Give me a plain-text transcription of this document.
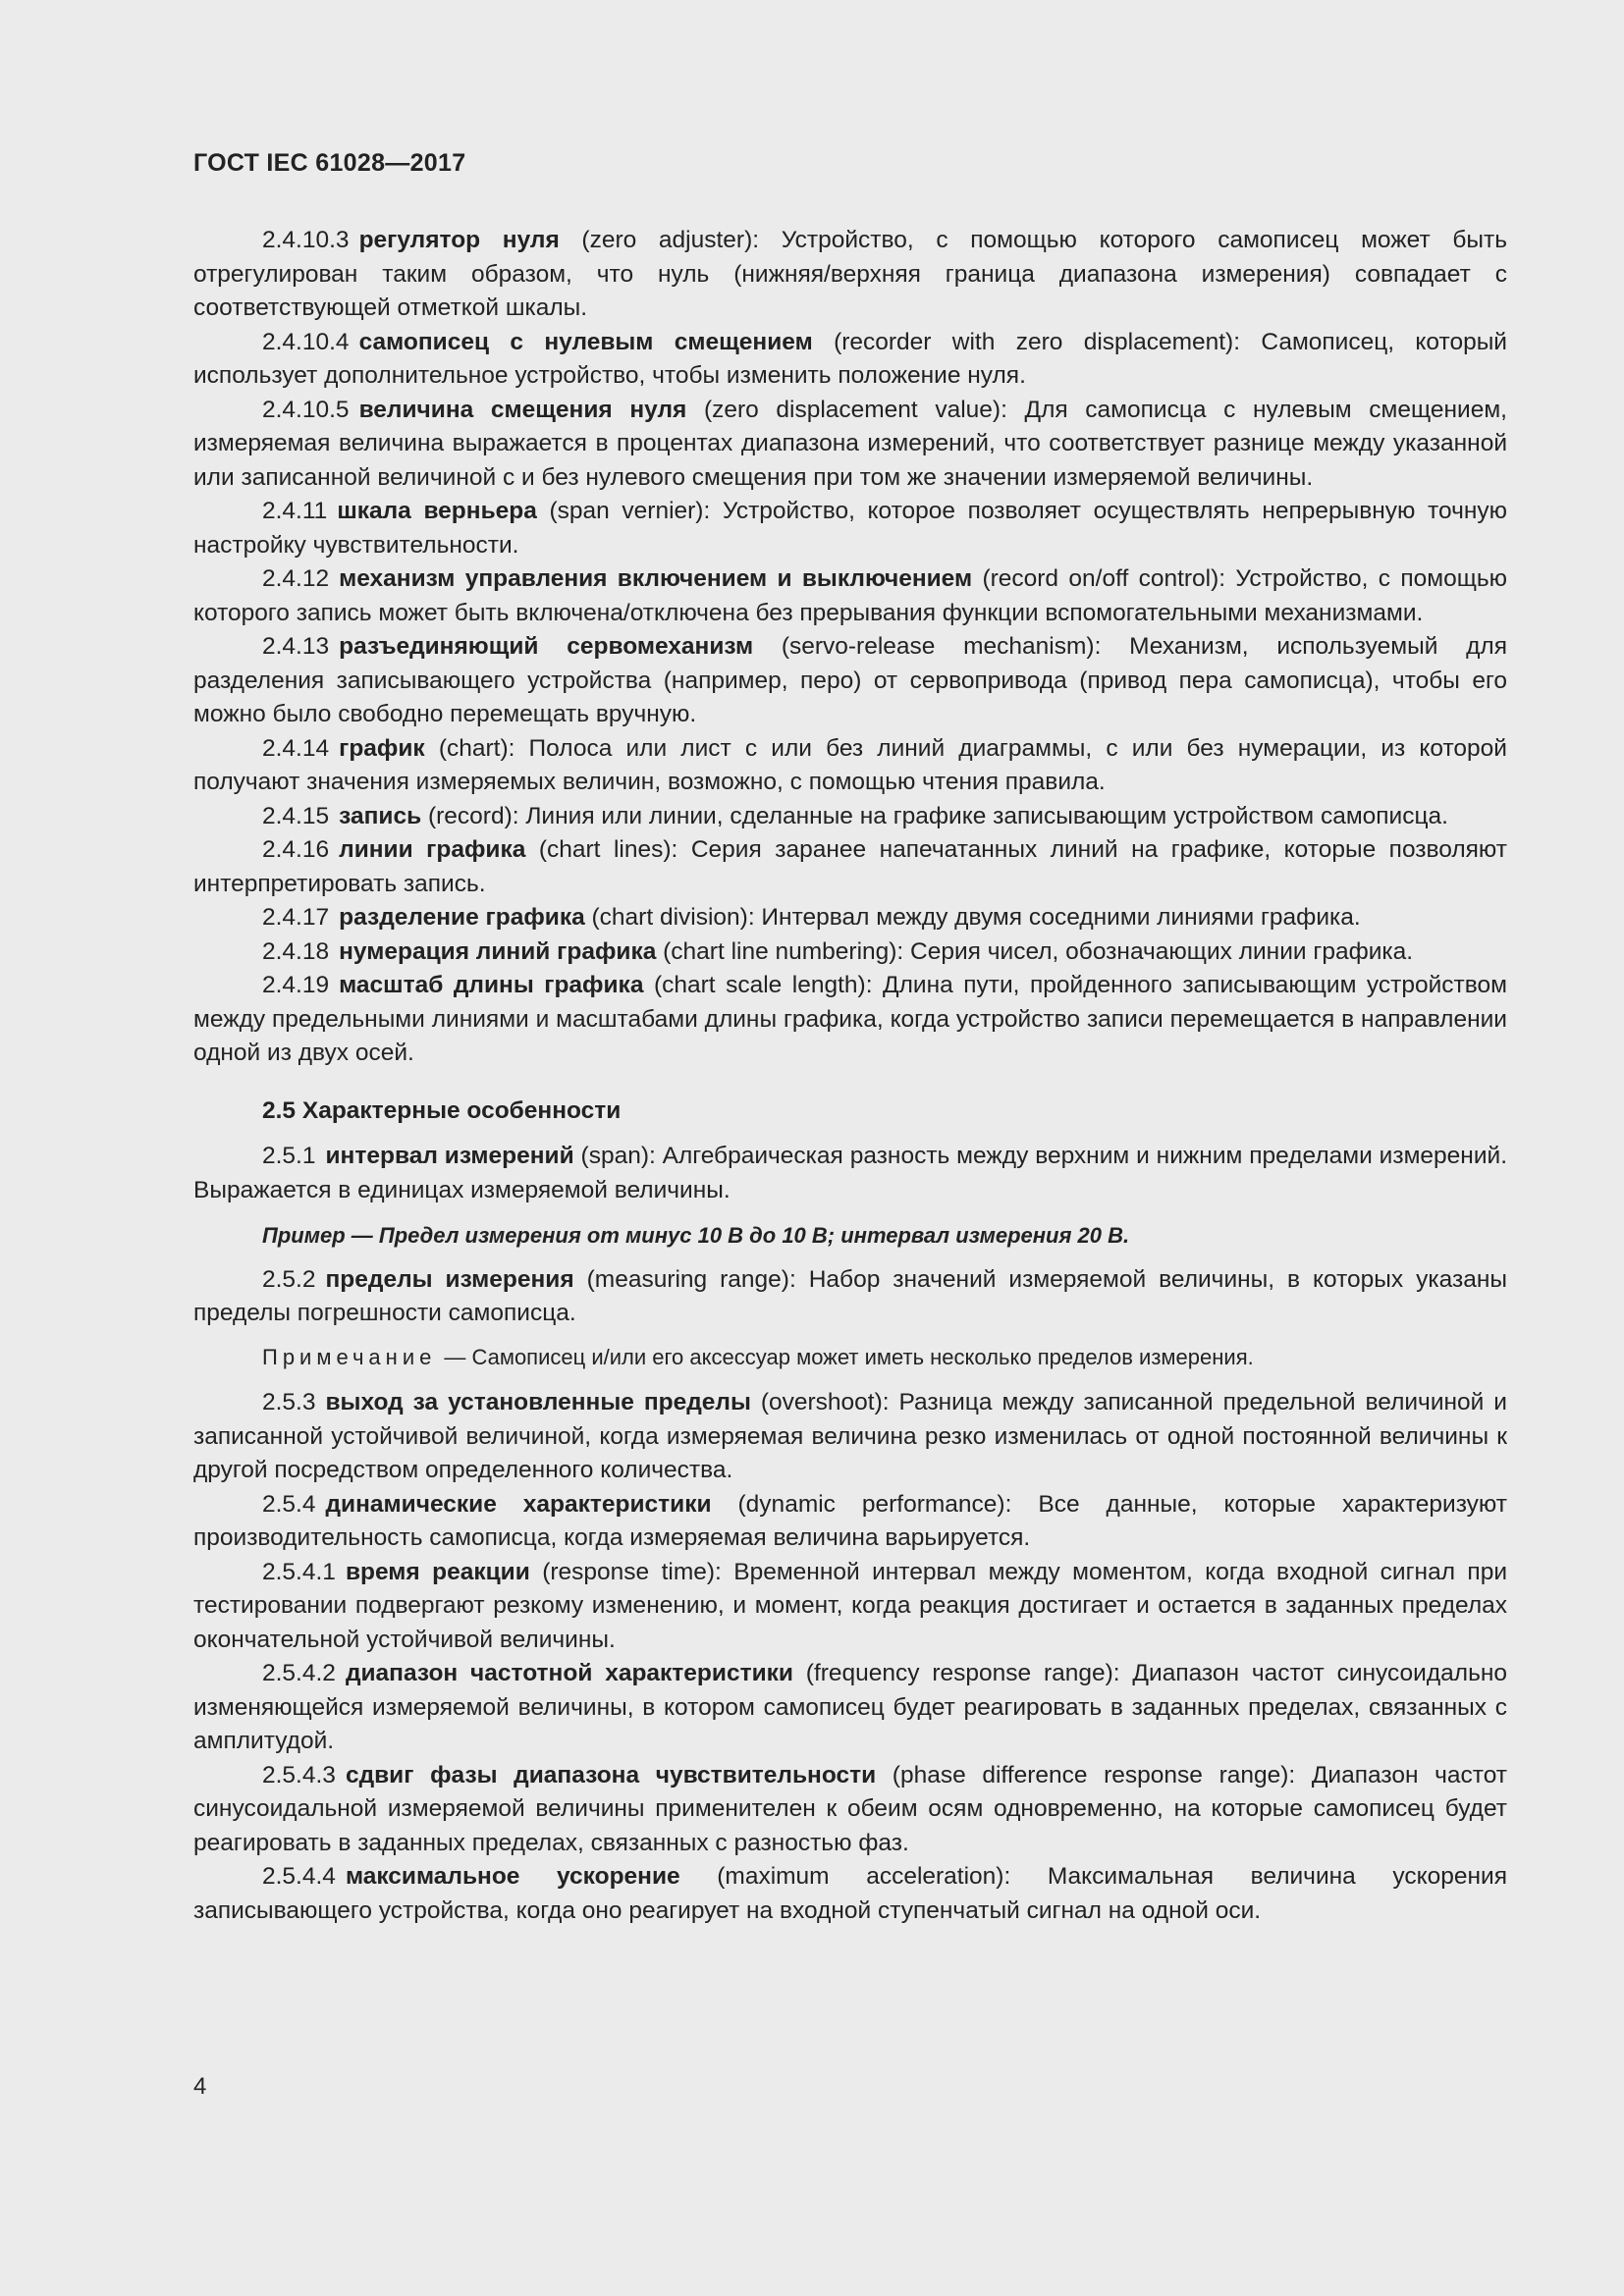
ГОСТ IEC 61028—2017

2.4.10.3 регулятор нуля (zero adjuster): Устройство, с помощью которого самописец может быть отрегулирован таким образом, что нуль (нижняя/верхняя граница диапазона измерения) совпадает с соответствующей отметкой шкалы.

2.4.10.4 самописец с нулевым смещением (recorder with zero displacement): Самописец, который использует дополнительное устройство, чтобы изменить положение нуля.

2.4.10.5 величина смещения нуля (zero displacement value): Для самописца с нулевым смещением, измеряемая величина выражается в процентах диапазона измерений, что соответствует разнице между указанной или записанной величиной с и без нулевого смещения при том же значении измеряемой величины.

2.4.11 шкала верньера (span vernier): Устройство, которое позволяет осуществлять непрерывную точную настройку чувствительности.

2.4.12 механизм управления включением и выключением (record on/off control): Устройство, с помощью которого запись может быть включена/отключена без прерывания функции вспомогательными механизмами.

2.4.13 разъединяющий сервомеханизм (servo-release mechanism): Механизм, используемый для разделения записывающего устройства (например, перо) от сервопривода (привод пера самописца), чтобы его можно было свободно перемещать вручную.

2.4.14 график (chart): Полоса или лист с или без линий диаграммы, с или без нумерации, из которой получают значения измеряемых величин, возможно, с помощью чтения правила.

2.4.15 запись (record): Линия или линии, сделанные на графике записывающим устройством самописца.

2.4.16 линии графика (chart lines): Серия заранее напечатанных линий на графике, которые позволяют интерпретировать запись.

2.4.17 разделение графика (chart division): Интервал между двумя соседними линиями графика.

2.4.18 нумерация линий графика (chart line numbering): Серия чисел, обозначающих линии графика.

2.4.19 масштаб длины графика (chart scale length): Длина пути, пройденного записывающим устройством между предельными линиями и масштабами длины графика, когда устройство записи перемещается в направлении одной из двух осей.

2.5 Характерные особенности

2.5.1 интервал измерений (span): Алгебраическая разность между верхним и нижним пределами измерений. Выражается в единицах измеряемой величины.

Пример — Предел измерения от минус 10 В до 10 В; интервал измерения 20 В.

2.5.2 пределы измерения (measuring range): Набор значений измеряемой величины, в которых указаны пределы погрешности самописца.

Примечание — Самописец и/или его аксессуар может иметь несколько пределов измерения.

2.5.3 выход за установленные пределы (overshoot): Разница между записанной предельной величиной и записанной устойчивой величиной, когда измеряемая величина резко изменилась от одной постоянной величины к другой посредством определенного количества.

2.5.4 динамические характеристики (dynamic performance): Все данные, которые характеризуют производительность самописца, когда измеряемая величина варьируется.

2.5.4.1 время реакции (response time): Временной интервал между моментом, когда входной сигнал при тестировании подвергают резкому изменению, и момент, когда реакция достигает и остается в заданных пределах окончательной устойчивой величины.

2.5.4.2 диапазон частотной характеристики (frequency response range): Диапазон частот синусоидально изменяющейся измеряемой величины, в котором самописец будет реагировать в заданных пределах, связанных с амплитудой.

2.5.4.3 сдвиг фазы диапазона чувствительности (phase difference response range): Диапазон частот синусоидальной измеряемой величины применителен к обеим осям одновременно, на которые самописец будет реагировать в заданных пределах, связанных с разностью фаз.

2.5.4.4 максимальное ускорение (maximum acceleration): Максимальная величина ускорения записывающего устройства, когда оно реагирует на входной ступенчатый сигнал на одной оси.

4
